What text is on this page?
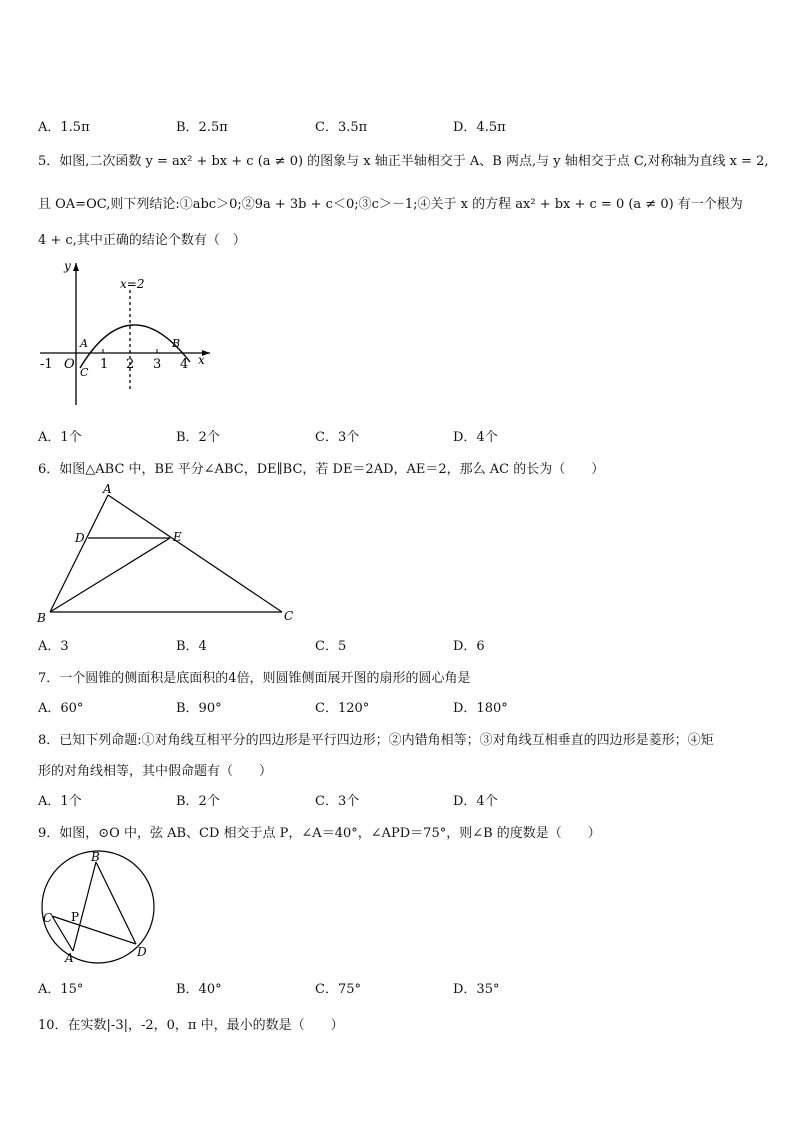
A．1.5π	B．2.5π	C．3.5π	D．4.5π
5．如图,二次函数 y = ax² + bx + c (a ≠ 0) 的图象与 x 轴正半轴相交于 A、B 两点,与 y 轴相交于点 C,对称轴为直线 x = 2,
且 OA=OC,则下列结论:①abc＞0;②9a + 3b + c＜0;③c＞－1;④关于 x 的方程 ax² + bx + c = 0 (a ≠ 0) 有一个根为
4 + c,其中正确的结论个数有（　）
y
x
x=2
-1 O 1 2 3 4
A	B
C
A．1个	B．2个	C．3个	D．4个
6．如图△ABC 中，BE 平分∠ABC，DE∥BC，若 DE＝2AD，AE＝2，那么 AC 的长为（　　）
A
B	C
D	E
A．3	B．4	C．5	D．6
7．一个圆锥的侧面积是底面积的4倍，则圆锥侧面展开图的扇形的圆心角是
A．60°	B．90°	C．120°	D．180°
8．已知下列命题:①对角线互相平分的四边形是平行四边形；②内错角相等；③对角线互相垂直的四边形是菱形；④矩
形的对角线相等，其中假命题有（　　）
A．1个	B．2个	C．3个	D．4个
9．如图，⊙O 中，弦 AB、CD 相交于点 P，∠A＝40°，∠APD＝75°，则∠B 的度数是（　　）
B
C P
A	D
A．15°	B．40°	C．75°	D．35°
10．在实数|-3|，-2，0，π 中，最小的数是（　　）
